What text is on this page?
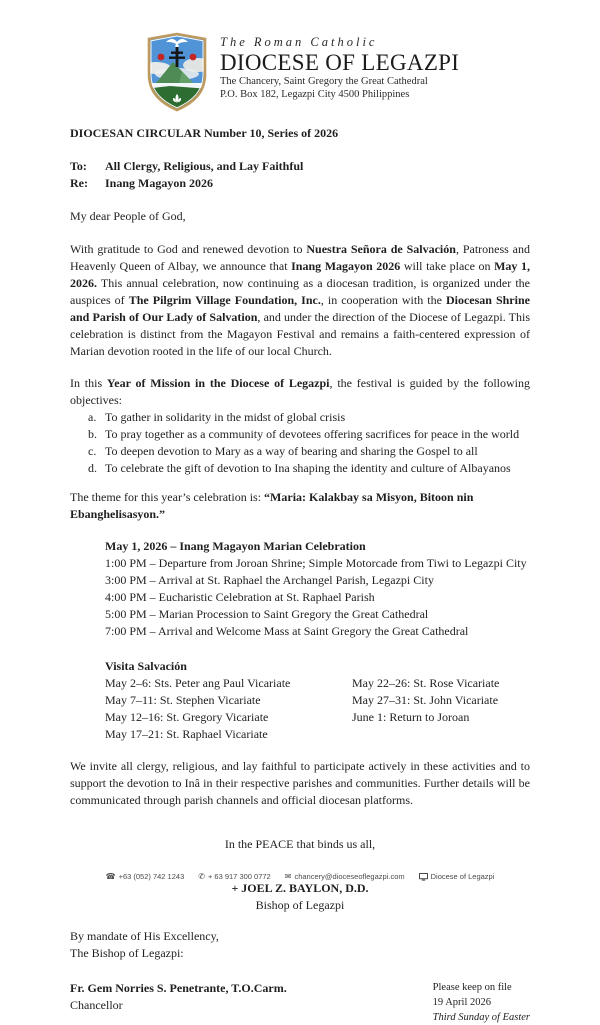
The Roman Catholic
DIOCESE OF LEGAZPI
The Chancery, Saint Gregory the Great Cathedral
P.O. Box 182, Legazpi City 4500 Philippines
DIOCESAN CIRCULAR Number 10, Series of 2026
To:	All Clergy, Religious, and Lay Faithful
Re:	Inang Magayon 2026
My dear People of God,
With gratitude to God and renewed devotion to Nuestra Señora de Salvación, Patroness and Heavenly Queen of Albay, we announce that Inang Magayon 2026 will take place on May 1, 2026. This annual celebration, now continuing as a diocesan tradition, is organized under the auspices of The Pilgrim Village Foundation, Inc., in cooperation with the Diocesan Shrine and Parish of Our Lady of Salvation, and under the direction of the Diocese of Legazpi. This celebration is distinct from the Magayon Festival and remains a faith-centered expression of Marian devotion rooted in the life of our local Church.
In this Year of Mission in the Diocese of Legazpi, the festival is guided by the following objectives:
a. To gather in solidarity in the midst of global crisis
b. To pray together as a community of devotees offering sacrifices for peace in the world
c. To deepen devotion to Mary as a way of bearing and sharing the Gospel to all
d. To celebrate the gift of devotion to Ina shaping the identity and culture of Albayanos
The theme for this year’s celebration is: “Maria: Kalakbay sa Misyon, Bitoon nin Ebanghelisasyon.”
May 1, 2026 – Inang Magayon Marian Celebration
1:00 PM – Departure from Joroan Shrine; Simple Motorcade from Tiwi to Legazpi City
3:00 PM – Arrival at St. Raphael the Archangel Parish, Legazpi City
4:00 PM – Eucharistic Celebration at St. Raphael Parish
5:00 PM – Marian Procession to Saint Gregory the Great Cathedral
7:00 PM – Arrival and Welcome Mass at Saint Gregory the Great Cathedral
Visita Salvación
May 2–6: Sts. Peter ang Paul Vicariate
May 7–11: St. Stephen Vicariate
May 12–16: St. Gregory Vicariate
May 17–21: St. Raphael Vicariate
May 22–26: St. Rose Vicariate
May 27–31: St. John Vicariate
June 1: Return to Joroan
We invite all clergy, religious, and lay faithful to participate actively in these activities and to support the devotion to Inâ in their respective parishes and communities. Further details will be communicated through parish channels and official diocesan platforms.
In the PEACE that binds us all,
+ JOEL Z. BAYLON, D.D.
Bishop of Legazpi
By mandate of His Excellency,
The Bishop of Legazpi:
Fr. Gem Norries S. Penetrante, T.O.Carm.
Chancellor
Please keep on file
19 April 2026
Third Sunday of Easter
☎ +63 (052) 742 1243 ✆ + 63 917 300 0772 ✉ chancery@dioceseoflegazpi.com	Diocese of Legazpi
